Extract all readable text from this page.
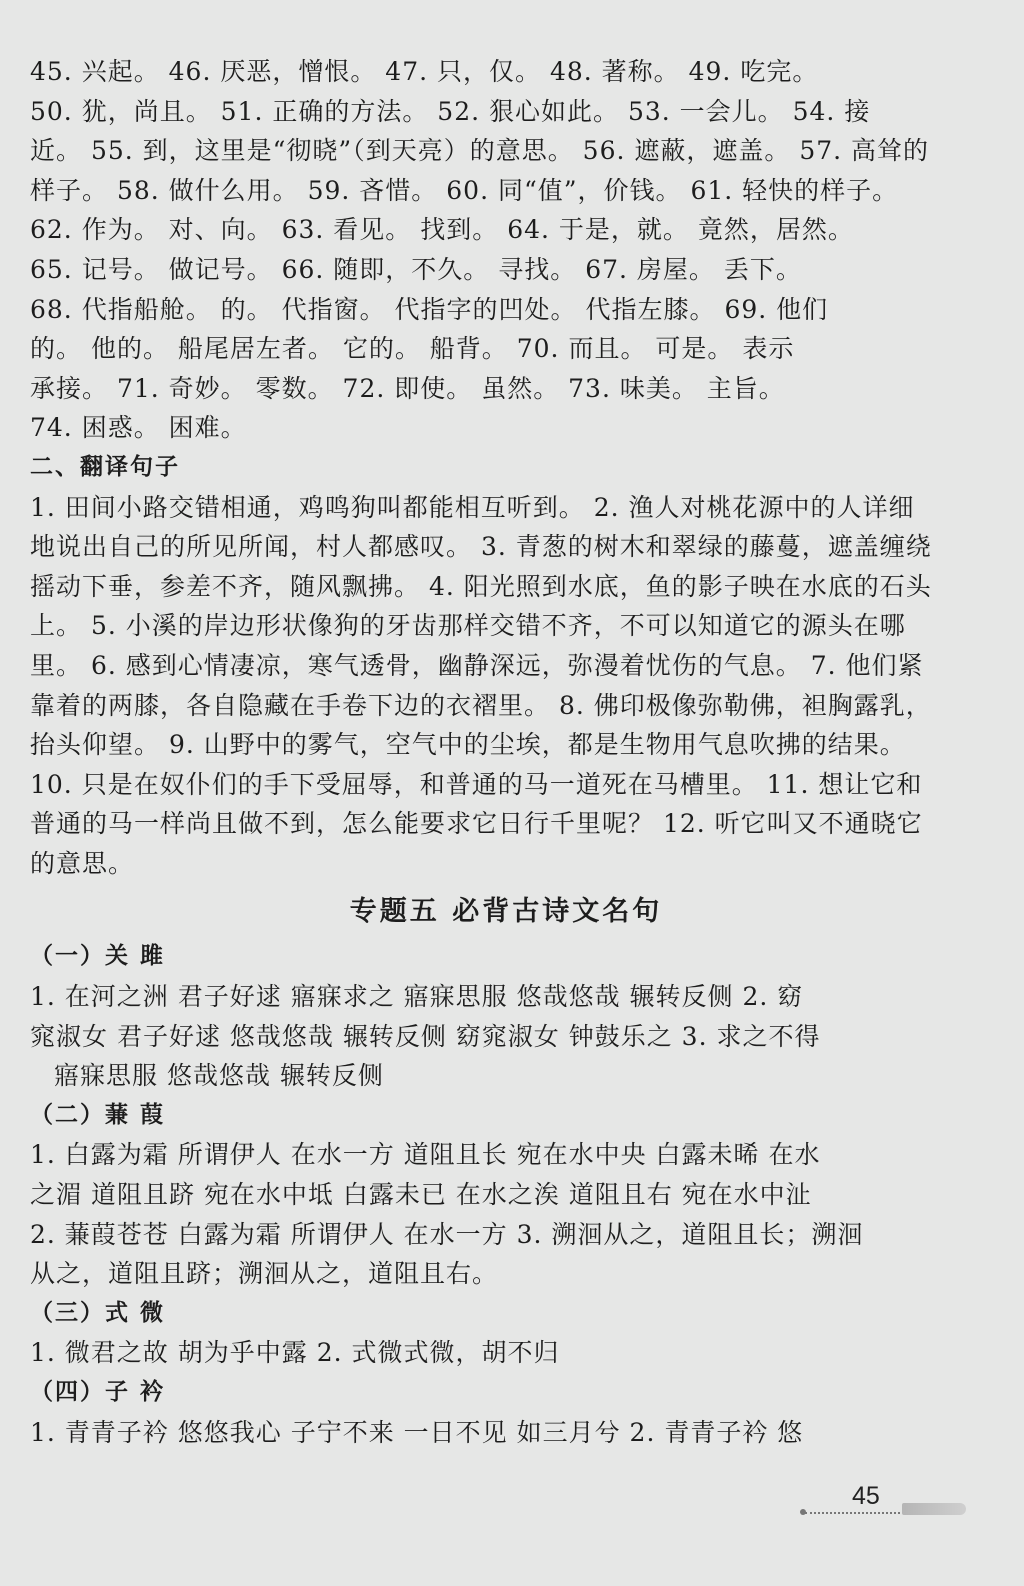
45. 兴起。 46. 厌恶，憎恨。 47. 只，仅。 48. 著称。 49. 吃完。
50. 犹，尚且。 51. 正确的方法。 52. 狠心如此。 53. 一会儿。 54. 接
近。 55. 到，这里是“彻晓”（到天亮）的意思。 56. 遮蔽，遮盖。 57. 高耸的
样子。 58. 做什么用。 59. 吝惜。 60. 同“值”，价钱。 61. 轻快的样子。
62. 作为。 对、向。 63. 看见。 找到。 64. 于是，就。 竟然，居然。
65. 记号。 做记号。 66. 随即，不久。 寻找。 67. 房屋。 丢下。
68. 代指船舱。 的。 代指窗。 代指字的凹处。 代指左膝。 69. 他们
的。 他的。 船尾居左者。 它的。 船背。 70. 而且。 可是。 表示
承接。 71. 奇妙。 零数。 72. 即使。 虽然。 73. 味美。 主旨。
74. 困惑。 困难。
二、翻译句子
1. 田间小路交错相通，鸡鸣狗叫都能相互听到。 2. 渔人对桃花源中的人详细
地说出自己的所见所闻，村人都感叹。 3. 青葱的树木和翠绿的藤蔓，遮盖缠绕
摇动下垂，参差不齐，随风飘拂。 4. 阳光照到水底，鱼的影子映在水底的石头
上。 5. 小溪的岸边形状像狗的牙齿那样交错不齐，不可以知道它的源头在哪
里。 6. 感到心情凄凉，寒气透骨，幽静深远，弥漫着忧伤的气息。 7. 他们紧
靠着的两膝，各自隐藏在手卷下边的衣褶里。 8. 佛印极像弥勒佛，袒胸露乳，
抬头仰望。 9. 山野中的雾气，空气中的尘埃，都是生物用气息吹拂的结果。
10. 只是在奴仆们的手下受屈辱，和普通的马一道死在马槽里。 11. 想让它和
普通的马一样尚且做不到，怎么能要求它日行千里呢？ 12. 听它叫又不通晓它
的意思。
专题五 必背古诗文名句
（一）关 雎
1. 在河之洲 君子好逑 寤寐求之 寤寐思服 悠哉悠哉 辗转反侧 2. 窈
窕淑女 君子好逑 悠哉悠哉 辗转反侧 窈窕淑女 钟鼓乐之 3. 求之不得
寤寐思服 悠哉悠哉 辗转反侧
（二）蒹 葭
1. 白露为霜 所谓伊人 在水一方 道阻且长 宛在水中央 白露未晞 在水
之湄 道阻且跻 宛在水中坻 白露未已 在水之涘 道阻且右 宛在水中沚
2. 蒹葭苍苍 白露为霜 所谓伊人 在水一方 3. 溯洄从之，道阻且长；溯洄
从之，道阻且跻；溯洄从之，道阻且右。
（三）式 微
1. 微君之故 胡为乎中露 2. 式微式微，胡不归
（四）子 衿
1. 青青子衿 悠悠我心 子宁不来 一日不见 如三月兮 2. 青青子衿 悠
45
